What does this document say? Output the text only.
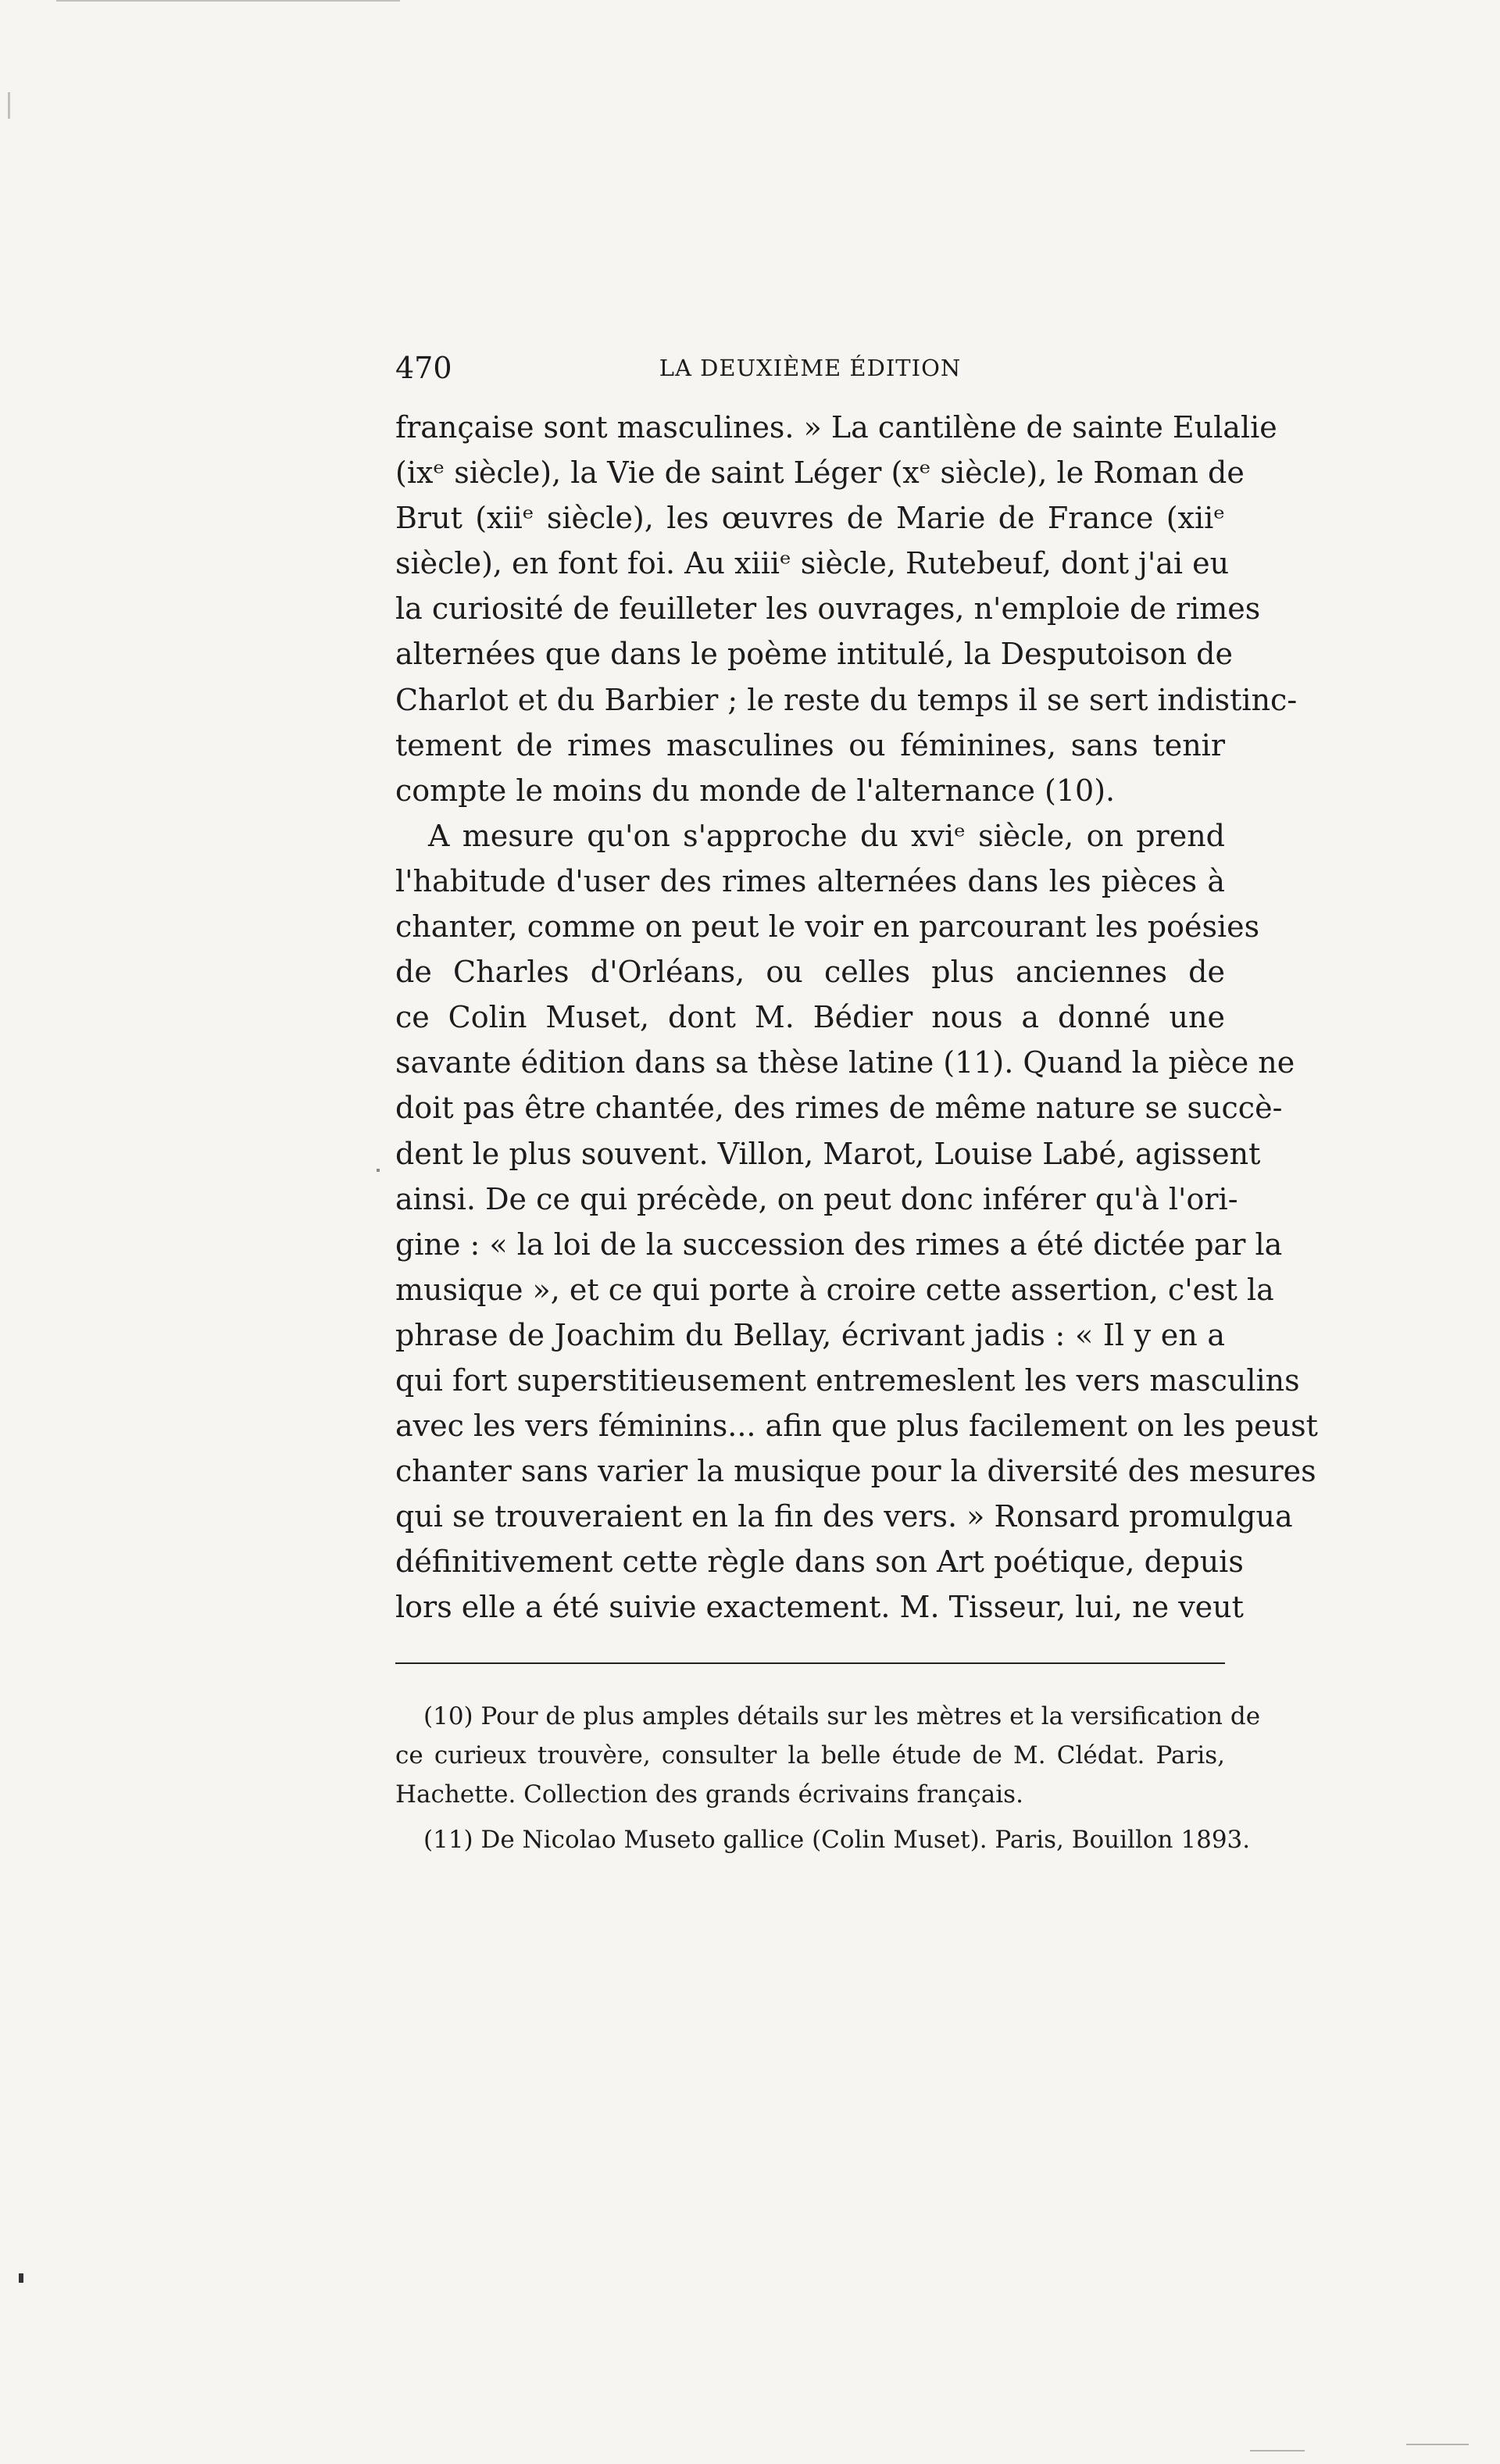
470	LA DEUXIÈME ÉDITION
française sont masculines. » La cantilène de sainte Eulalie
(ixᵉ siècle), la Vie de saint Léger (xᵉ siècle), le Roman de
Brut (xiiᵉ siècle), les œuvres de Marie de France (xiiᵉ
siècle), en font foi. Au xiiiᵉ siècle, Rutebeuf, dont j'ai eu
la curiosité de feuilleter les ouvrages, n'emploie de rimes
alternées que dans le poème intitulé, la Desputoison de
Charlot et du Barbier ; le reste du temps il se sert indistinc-
tement de rimes masculines ou féminines, sans tenir
compte le moins du monde de l'alternance (10).
A mesure qu'on s'approche du xviᵉ siècle, on prend
l'habitude d'user des rimes alternées dans les pièces à
chanter, comme on peut le voir en parcourant les poésies
de Charles d'Orléans, ou celles plus anciennes de
ce Colin Muset, dont M. Bédier nous a donné une
savante édition dans sa thèse latine (11). Quand la pièce ne
doit pas être chantée, des rimes de même nature se succè-
dent le plus souvent. Villon, Marot, Louise Labé, agissent
ainsi. De ce qui précède, on peut donc inférer qu'à l'ori-
gine : « la loi de la succession des rimes a été dictée par la
musique », et ce qui porte à croire cette assertion, c'est la
phrase de Joachim du Bellay, écrivant jadis : « Il y en a
qui fort superstitieusement entremeslent les vers masculins
avec les vers féminins... afin que plus facilement on les peust
chanter sans varier la musique pour la diversité des mesures
qui se trouveraient en la fin des vers. » Ronsard promulgua
définitivement cette règle dans son Art poétique, depuis
lors elle a été suivie exactement. M. Tisseur, lui, ne veut
(10) Pour de plus amples détails sur les mètres et la versification de
ce curieux trouvère, consulter la belle étude de M. Clédat. Paris,
Hachette. Collection des grands écrivains français.
(11) De Nicolao Museto gallice (Colin Muset). Paris, Bouillon 1893.
